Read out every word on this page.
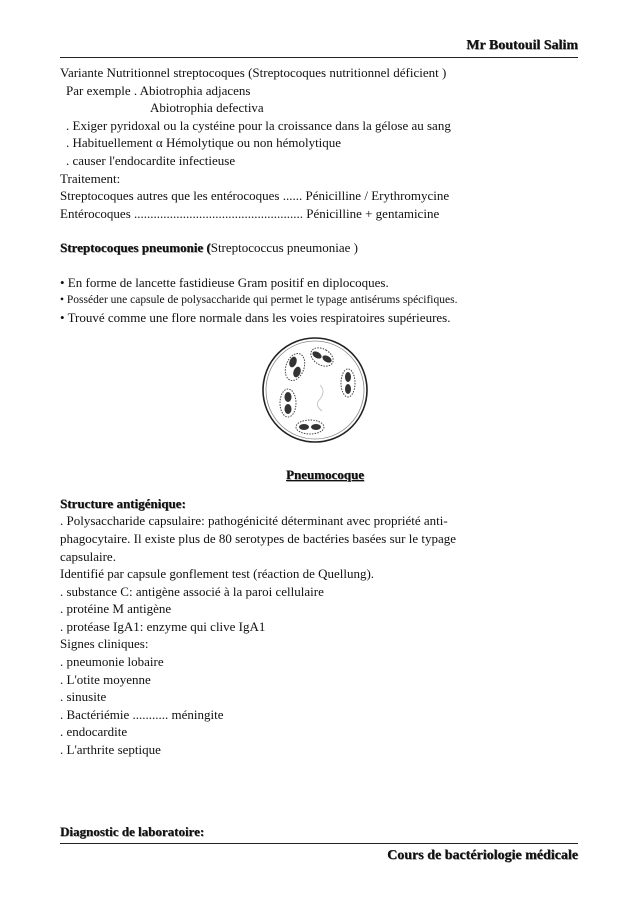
Mr Boutouil Salim
Variante Nutritionnel streptocoques (Streptocoques nutritionnel déficient )
Par exemple . Abiotrophia adjacens
Abiotrophia defectiva
. Exiger pyridoxal ou la cystéine pour la croissance dans la gélose au sang
. Habituellement α Hémolytique ou non hémolytique
. causer l'endocardite infectieuse
Traitement:
Streptocoques autres que les entérocoques ...... Pénicilline / Erythromycine
Entérocoques .................................................... Pénicilline + gentamicine
Streptocoques pneumonie (Streptococcus pneumoniae )
• En forme de lancette fastidieuse Gram positif en diplocoques.
• Posséder une capsule de polysaccharide qui permet le typage antisérums spécifiques.
• Trouvé comme une flore normale dans les voies respiratoires supérieures.
Pneumocoque
Structure antigénique:
. Polysaccharide capsulaire: pathogénicité déterminant avec propriété anti-
phagocytaire. Il existe plus de 80 serotypes de bactéries basées sur le typage
capsulaire.
Identifié par capsule gonflement test (réaction de Quellung).
. substance C: antigène associé à la paroi cellulaire
. protéine M antigène
. protéase IgA1: enzyme qui clive IgA1
Signes cliniques:
. pneumonie lobaire
. L'otite moyenne
. sinusite
. Bactériémie ........... méningite
. endocardite
. L'arthrite septique
Diagnostic de laboratoire:
Cours de bactériologie médicale
